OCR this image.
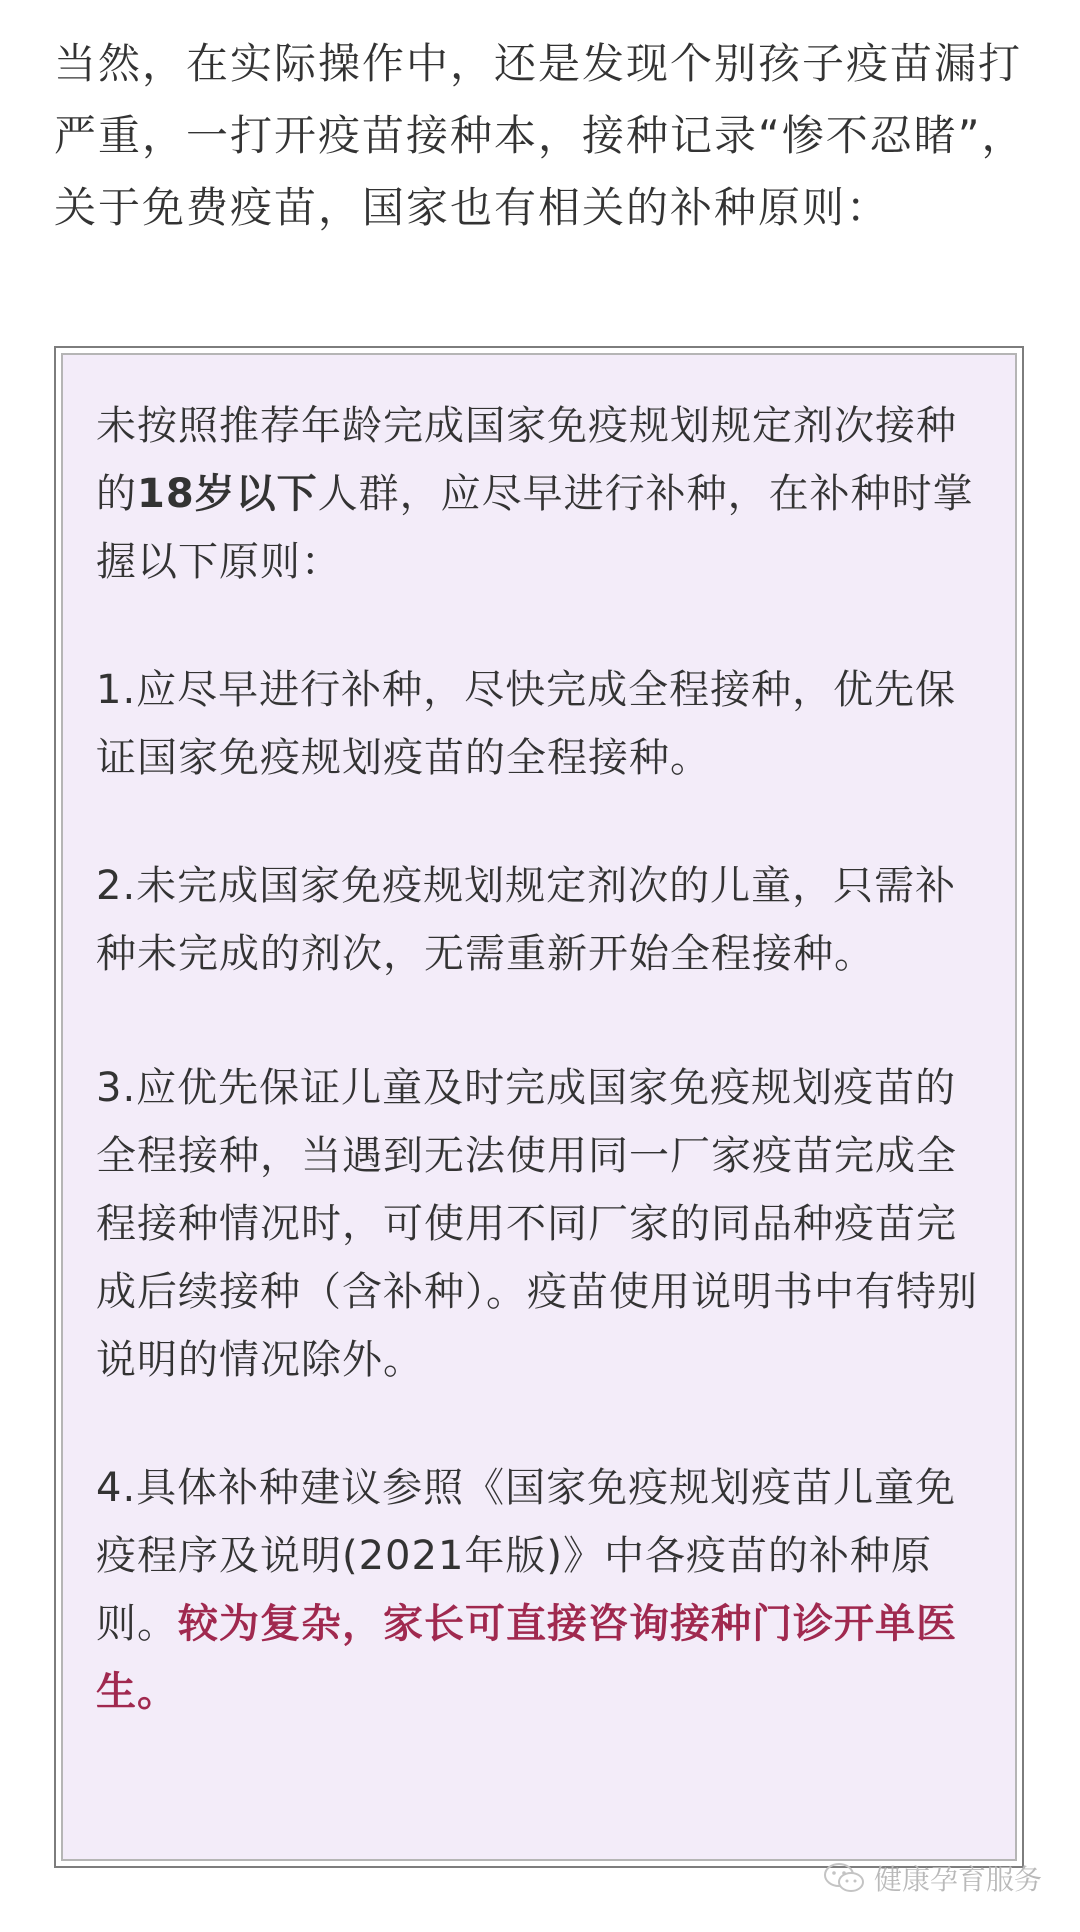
当然，在实际操作中，还是发现个别孩子疫苗漏打严重，一打开疫苗接种本，接种记录“惨不忍睹”，关于免费疫苗，国家也有相关的补种原则：

未按照推荐年龄完成国家免疫规划规定剂次接种的18岁以下人群，应尽早进行补种，在补种时掌握以下原则：

1.应尽早进行补种，尽快完成全程接种，优先保证国家免疫规划疫苗的全程接种。

2.未完成国家免疫规划规定剂次的儿童，只需补种未完成的剂次，无需重新开始全程接种。

3.应优先保证儿童及时完成国家免疫规划疫苗的全程接种，当遇到无法使用同一厂家疫苗完成全程接种情况时，可使用不同厂家的同品种疫苗完成后续接种（含补种）。疫苗使用说明书中有特别说明的情况除外。

4.具体补种建议参照《国家免疫规划疫苗儿童免疫程序及说明(2021年版)》中各疫苗的补种原则。较为复杂，家长可直接咨询接种门诊开单医生。

健康孕育服务
